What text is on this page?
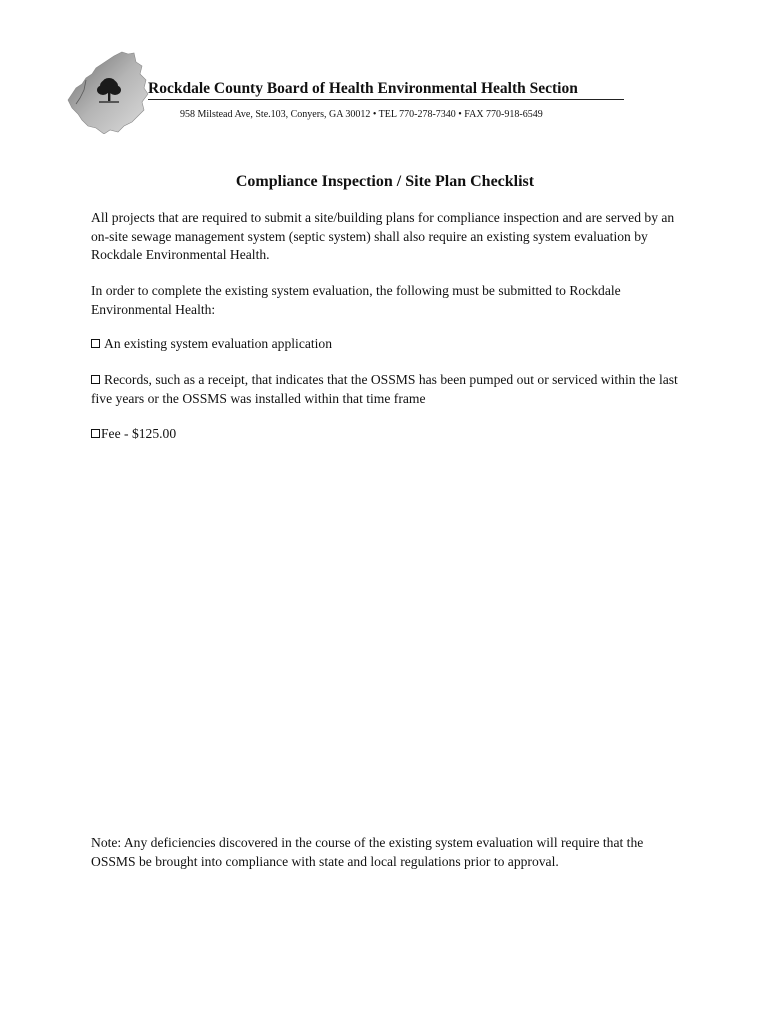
Rockdale County Board of Health Environmental Health Section

958 Milstead Ave, Ste.103, Conyers, GA 30012 • TEL 770-278-7340 • FAX 770-918-6549

Compliance Inspection / Site Plan Checklist

All projects that are required to submit a site/building plans for compliance inspection and are served by an on-site sewage management system (septic system) shall also require an existing system evaluation by Rockdale Environmental Health.

In order to complete the existing system evaluation, the following must be submitted to Rockdale Environmental Health:

An existing system evaluation application

Records, such as a receipt, that indicates that the OSSMS has been pumped out or serviced within the last five years or the OSSMS was installed within that time frame

Fee - $125.00

Note: Any deficiencies discovered in the course of the existing system evaluation will require that the OSSMS be brought into compliance with state and local regulations prior to approval.
